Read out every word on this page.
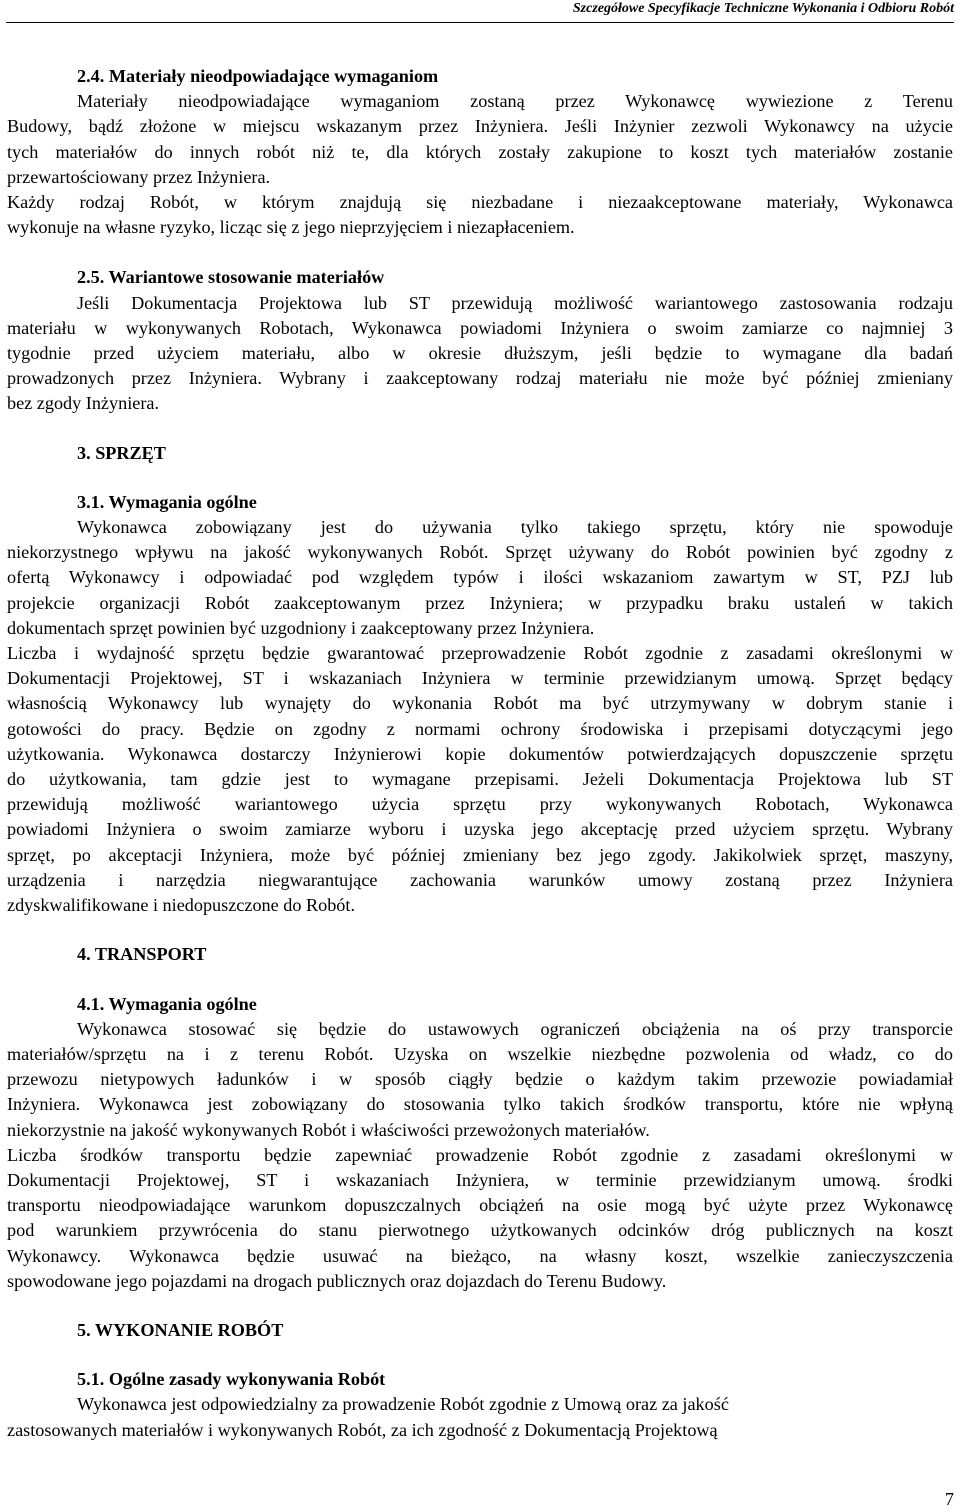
Szczegółowe Specyfikacje Techniczne Wykonania i Odbioru Robót
2.4. Materiały nieodpowiadające wymaganiom

Materiały nieodpowiadające wymaganiom zostaną przez Wykonawcę wywiezione z Terenu

Budowy, bądź złożone w miejscu wskazanym przez Inżyniera. Jeśli Inżynier zezwoli Wykonawcy na użycie

tych materiałów do innych robót niż te, dla których zostały zakupione to koszt tych materiałów zostanie

przewartościowany przez Inżyniera.

Każdy rodzaj Robót, w którym znajdują się niezbadane i niezaakceptowane materiały, Wykonawca

wykonuje na własne ryzyko, licząc się z jego nieprzyjęciem i niezapłaceniem.

2.5. Wariantowe stosowanie materiałów

Jeśli Dokumentacja Projektowa lub ST przewidują możliwość wariantowego zastosowania rodzaju

materiału w wykonywanych Robotach, Wykonawca powiadomi Inżyniera o swoim zamiarze co najmniej 3

tygodnie przed użyciem materiału, albo w okresie dłuższym, jeśli będzie to wymagane dla badań

prowadzonych przez Inżyniera. Wybrany i zaakceptowany rodzaj materiału nie może być później zmieniany

bez zgody Inżyniera.

3. SPRZĘT
3.1. Wymagania ogólne

Wykonawca zobowiązany jest do używania tylko takiego sprzętu, który nie spowoduje

niekorzystnego wpływu na jakość wykonywanych Robót. Sprzęt używany do Robót powinien być zgodny z

ofertą Wykonawcy i odpowiadać pod względem typów i ilości wskazaniom zawartym w ST, PZJ lub

projekcie organizacji Robót zaakceptowanym przez Inżyniera; w przypadku braku ustaleń w takich

dokumentach sprzęt powinien być uzgodniony i zaakceptowany przez Inżyniera.

Liczba i wydajność sprzętu będzie gwarantować przeprowadzenie Robót zgodnie z zasadami określonymi w

Dokumentacji Projektowej, ST i wskazaniach Inżyniera w terminie przewidzianym umową. Sprzęt będący

własnością Wykonawcy lub wynajęty do wykonania Robót ma być utrzymywany w dobrym stanie i

gotowości do pracy. Będzie on zgodny z normami ochrony środowiska i przepisami dotyczącymi jego

użytkowania. Wykonawca dostarczy Inżynierowi kopie dokumentów potwierdzających dopuszczenie sprzętu

do użytkowania, tam gdzie jest to wymagane przepisami. Jeżeli Dokumentacja Projektowa lub ST

przewidują możliwość wariantowego użycia sprzętu przy wykonywanych Robotach, Wykonawca

powiadomi Inżyniera o swoim zamiarze wyboru i uzyska jego akceptację przed użyciem sprzętu. Wybrany

sprzęt, po akceptacji Inżyniera, może być później zmieniany bez jego zgody. Jakikolwiek sprzęt, maszyny,

urządzenia i narzędzia niegwarantujące zachowania warunków umowy zostaną przez Inżyniera

zdyskwalifikowane i niedopuszczone do Robót.

4. TRANSPORT
4.1. Wymagania ogólne

Wykonawca stosować się będzie do ustawowych ograniczeń obciążenia na oś przy transporcie

materiałów/sprzętu na i z terenu Robót. Uzyska on wszelkie niezbędne pozwolenia od władz, co do

przewozu nietypowych ładunków i w sposób ciągły będzie o każdym takim przewozie powiadamiał

Inżyniera. Wykonawca jest zobowiązany do stosowania tylko takich środków transportu, które nie wpłyną

niekorzystnie na jakość wykonywanych Robót i właściwości przewożonych materiałów.

Liczba środków transportu będzie zapewniać prowadzenie Robót zgodnie z zasadami określonymi w

Dokumentacji Projektowej, ST i wskazaniach Inżyniera, w terminie przewidzianym umową. środki

transportu nieodpowiadające warunkom dopuszczalnych obciążeń na osie mogą być użyte przez Wykonawcę

pod warunkiem przywrócenia do stanu pierwotnego użytkowanych odcinków dróg publicznych na koszt

Wykonawcy. Wykonawca będzie usuwać na bieżąco, na własny koszt, wszelkie zanieczyszczenia

spowodowane jego pojazdami na drogach publicznych oraz dojazdach do Terenu Budowy.

5. WYKONANIE ROBÓT
5.1. Ogólne zasady wykonywania Robót

Wykonawca jest odpowiedzialny za prowadzenie Robót zgodnie z Umową oraz za jakość

zastosowanych materiałów i wykonywanych Robót, za ich zgodność z Dokumentacją Projektową

7
